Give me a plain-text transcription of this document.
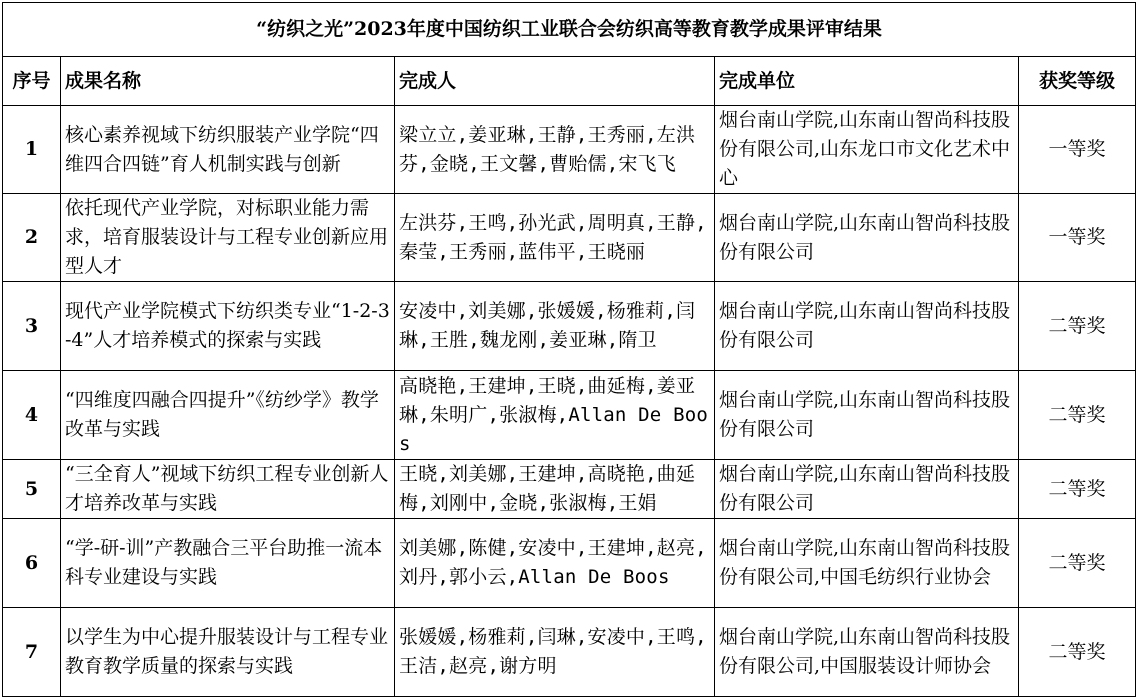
“纺织之光”2023年度中国纺织工业联合会纺织高等教育教学成果评审结果				
序号	成果名称	完成人	完成单位	获奖等级
1	核心素养视域下纺织服装产业学院“四维四合四链”育人机制实践与创新	梁立立,姜亚琳,王静,王秀丽,左洪芬,金晓,王文馨,曹贻儒,宋飞飞	烟台南山学院,山东南山智尚科技股份有限公司,山东龙口市文化艺术中心	一等奖
2	依托现代产业学院，对标职业能力需求，培育服装设计与工程专业创新应用型人才	左洪芬,王鸣,孙光武,周明真,王静,秦莹,王秀丽,蓝伟平,王晓丽	烟台南山学院,山东南山智尚科技股份有限公司	一等奖
3	现代产业学院模式下纺织类专业“1-2-3-4”人才培养模式的探索与实践	安凌中,刘美娜,张媛媛,杨雅莉,闫琳,王胜,魏龙刚,姜亚琳,隋卫	烟台南山学院,山东南山智尚科技股份有限公司	二等奖
4	“四维度四融合四提升”《纺纱学》教学改革与实践	高晓艳,王建坤,王晓,曲延梅,姜亚琳,朱明广,张淑梅,Allan De Boos	烟台南山学院,山东南山智尚科技股份有限公司	二等奖
5	“三全育人”视域下纺织工程专业创新人才培养改革与实践	王晓,刘美娜,王建坤,高晓艳,曲延梅,刘刚中,金晓,张淑梅,王娟	烟台南山学院,山东南山智尚科技股份有限公司	二等奖
6	“学-研-训”产教融合三平台助推一流本科专业建设与实践	刘美娜,陈健,安凌中,王建坤,赵亮,刘丹,郭小云,Allan De Boos	烟台南山学院,山东南山智尚科技股份有限公司,中国毛纺织行业协会	二等奖
7	以学生为中心提升服装设计与工程专业教育教学质量的探索与实践	张媛媛,杨雅莉,闫琳,安凌中,王鸣,王洁,赵亮,谢方明	烟台南山学院,山东南山智尚科技股份有限公司,中国服装设计师协会	二等奖
